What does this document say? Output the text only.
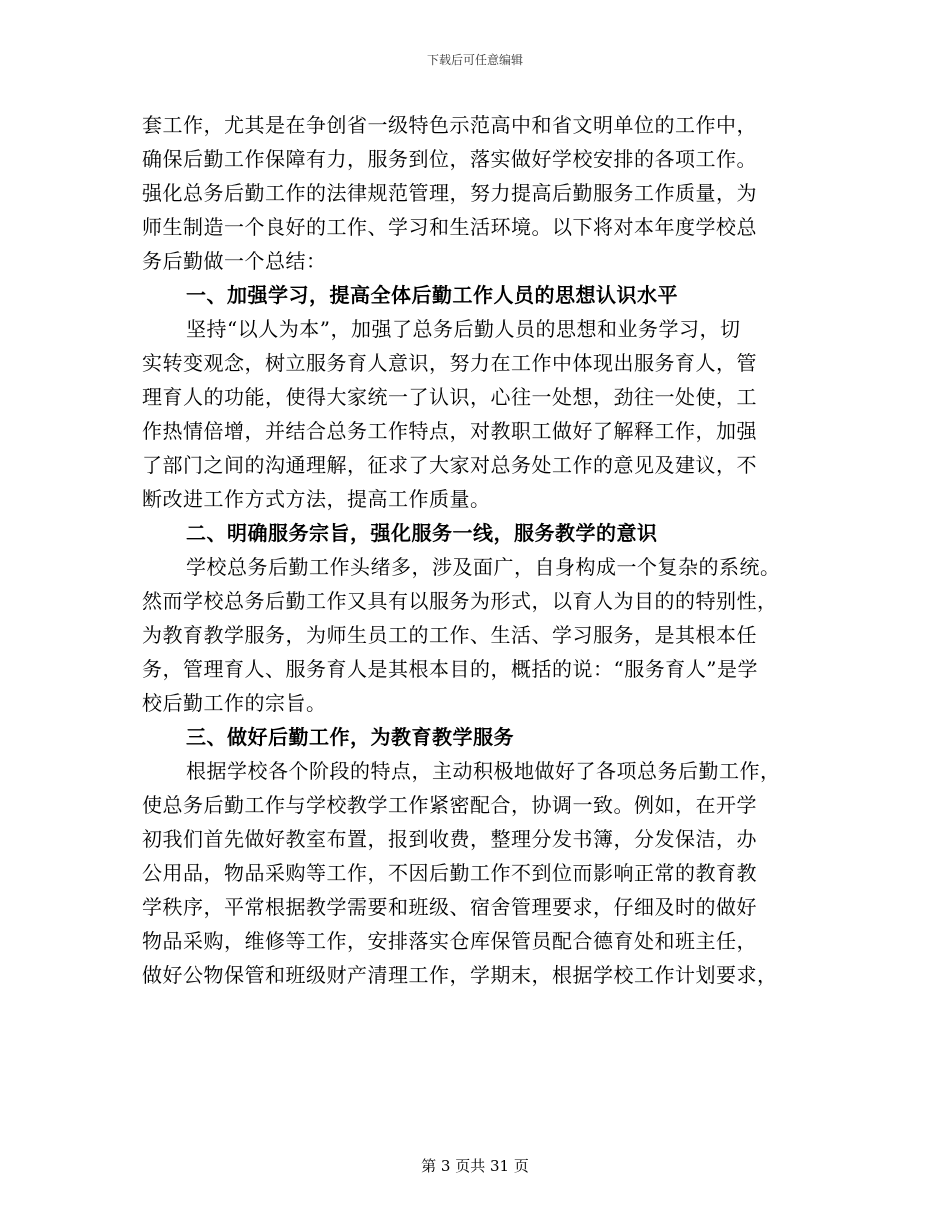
下载后可任意编辑
套工作，尤其是在争创省一级特色示范高中和省文明单位的工作中，
确保后勤工作保障有力，服务到位，落实做好学校安排的各项工作。
强化总务后勤工作的法律规范管理，努力提高后勤服务工作质量，为
师生制造一个良好的工作、学习和生活环境。以下将对本年度学校总
务后勤做一个总结：
一、加强学习，提高全体后勤工作人员的思想认识水平
坚持“以人为本”，加强了总务后勤人员的思想和业务学习，切
实转变观念，树立服务育人意识，努力在工作中体现出服务育人，管
理育人的功能，使得大家统一了认识，心往一处想，劲往一处使，工
作热情倍增，并结合总务工作特点，对教职工做好了解释工作，加强
了部门之间的沟通理解，征求了大家对总务处工作的意见及建议，不
断改进工作方式方法，提高工作质量。
二、明确服务宗旨，强化服务一线，服务教学的意识
学校总务后勤工作头绪多，涉及面广，自身构成一个复杂的系统。
然而学校总务后勤工作又具有以服务为形式，以育人为目的的特别性，
为教育教学服务，为师生员工的工作、生活、学习服务，是其根本任
务，管理育人、服务育人是其根本目的，概括的说：“服务育人”是学
校后勤工作的宗旨。
三、做好后勤工作，为教育教学服务
根据学校各个阶段的特点，主动积极地做好了各项总务后勤工作，
使总务后勤工作与学校教学工作紧密配合，协调一致。例如，在开学
初我们首先做好教室布置，报到收费，整理分发书簿，分发保洁，办
公用品，物品采购等工作，不因后勤工作不到位而影响正常的教育教
学秩序，平常根据教学需要和班级、宿舍管理要求，仔细及时的做好
物品采购，维修等工作，安排落实仓库保管员配合德育处和班主任，
做好公物保管和班级财产清理工作，学期末，根据学校工作计划要求，
第 3 页共 31 页
